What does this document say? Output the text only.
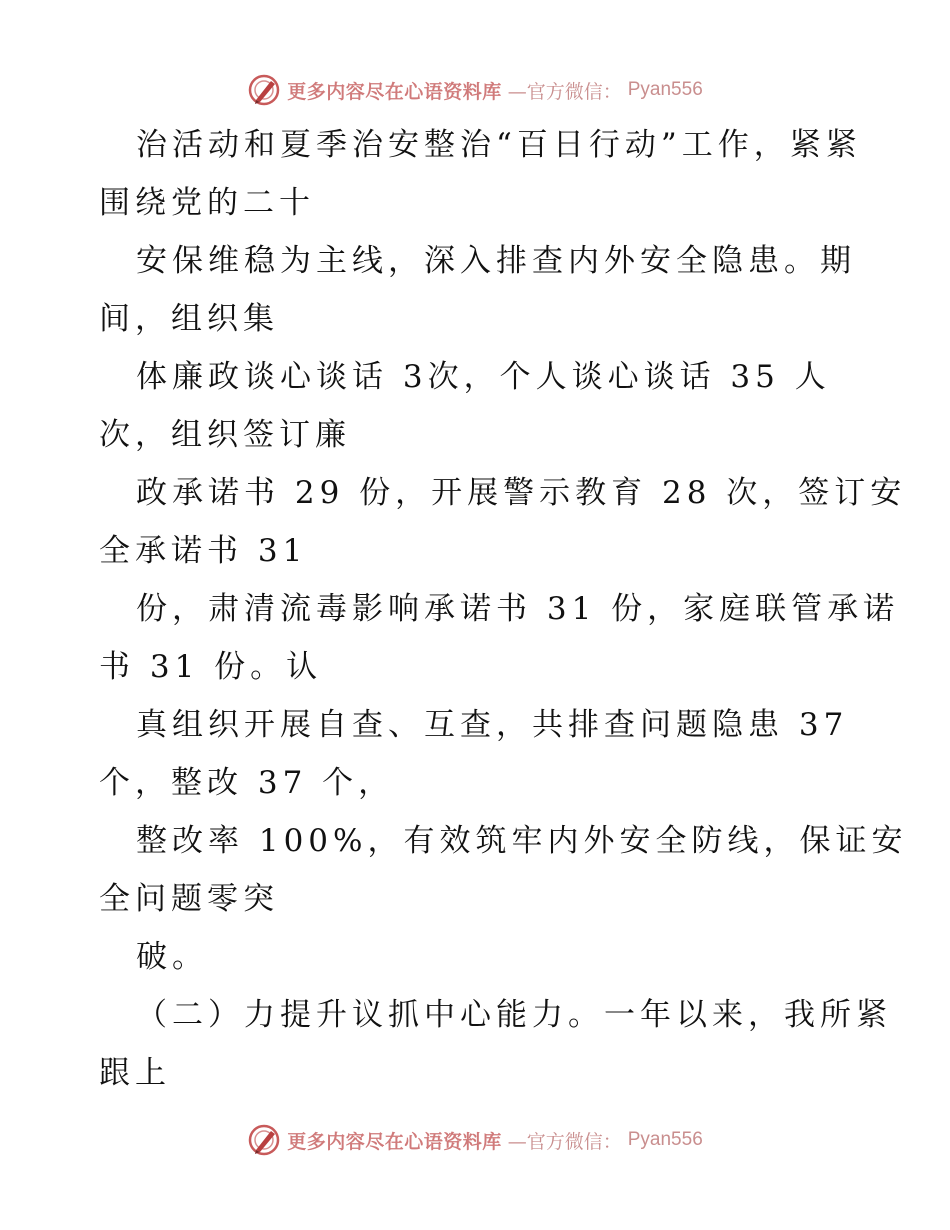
更多内容尽在心语资料库 —官方微信： Pyan556
治活动和夏季治安整治“百日行动”工作，紧紧
围绕党的二十
安保维稳为主线，深入排查内外安全隐患。期
间，组织集
体廉政谈心谈话 3次，个人谈心谈话 35 人
次，组织签订廉
政承诺书 29 份，开展警示教育 28 次，签订安
全承诺书 31
份，肃清流毒影响承诺书 31 份，家庭联管承诺
书 31 份。认
真组织开展自查、互查，共排查问题隐患 37
个，整改 37 个，
整改率 100%，有效筑牢内外安全防线，保证安
全问题零突
破。
（二）力提升议抓中心能力。一年以来，我所紧
跟上
更多内容尽在心语资料库 —官方微信： Pyan556
